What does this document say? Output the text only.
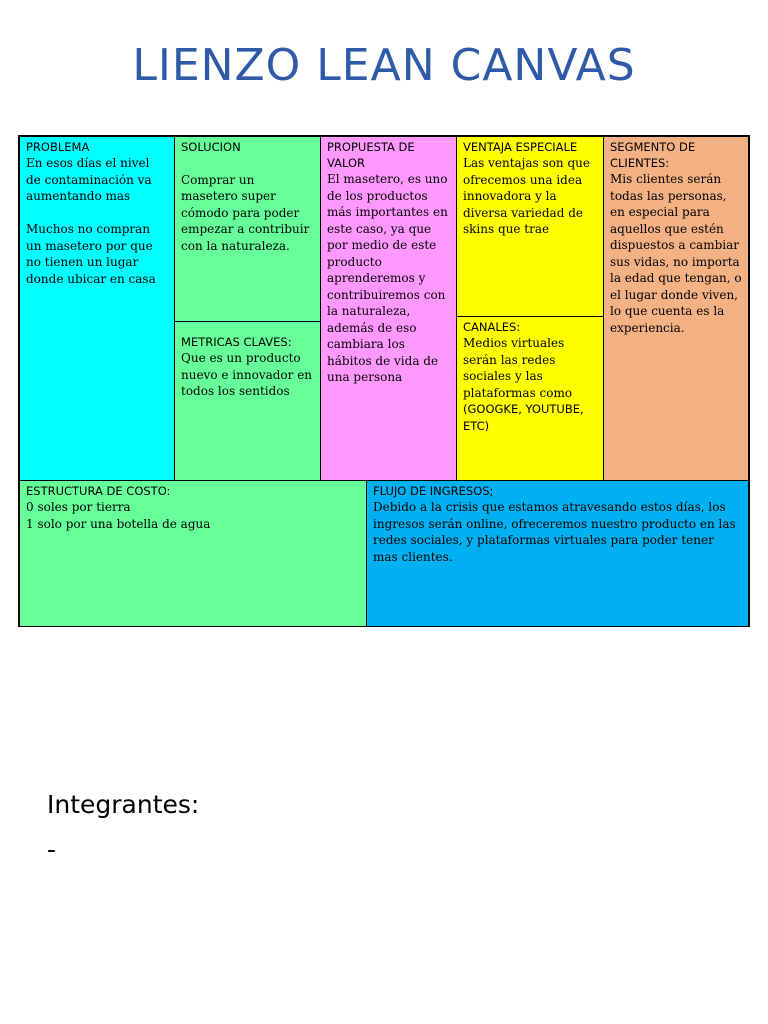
LIENZO LEAN CANVAS
PROBLEMA
En esos días el nivel de contaminación va aumentando mas

Muchos no compran un masetero por que no tienen un lugar donde ubicar en casa
SOLUCION

Comprar un masetero super cómodo para poder empezar a contribuir con la naturaleza.
METRICAS CLAVES:
Que es un producto nuevo e innovador en todos los sentidos
PROPUESTA DE VALOR
El masetero, es uno de los productos más importantes en este caso, ya que por medio de este producto aprenderemos y contribuiremos con la naturaleza, además de eso cambiara los hábitos de vida de una persona
VENTAJA ESPECIALE
Las ventajas son que ofrecemos una idea innovadora y la diversa variedad de skins que trae
CANALES:
Medios virtuales serán las redes sociales y las plataformas como
(GOOGKE, YOUTUBE, ETC)
SEGMENTO DE CLIENTES:
Mis clientes serán todas las personas, en especial para aquellos que estén dispuestos a cambiar sus vidas, no importa la edad que tengan, o el lugar donde viven, lo que cuenta es la experiencia.
ESTRUCTURA DE COSTO:
0 soles por tierra
1 solo por una botella de agua
FLUJO DE INGRESOS;
Debido a la crisis que estamos atravesando estos días, los ingresos serán online, ofreceremos nuestro producto en las redes sociales, y plataformas virtuales para poder tener mas clientes.
Integrantes:
-
